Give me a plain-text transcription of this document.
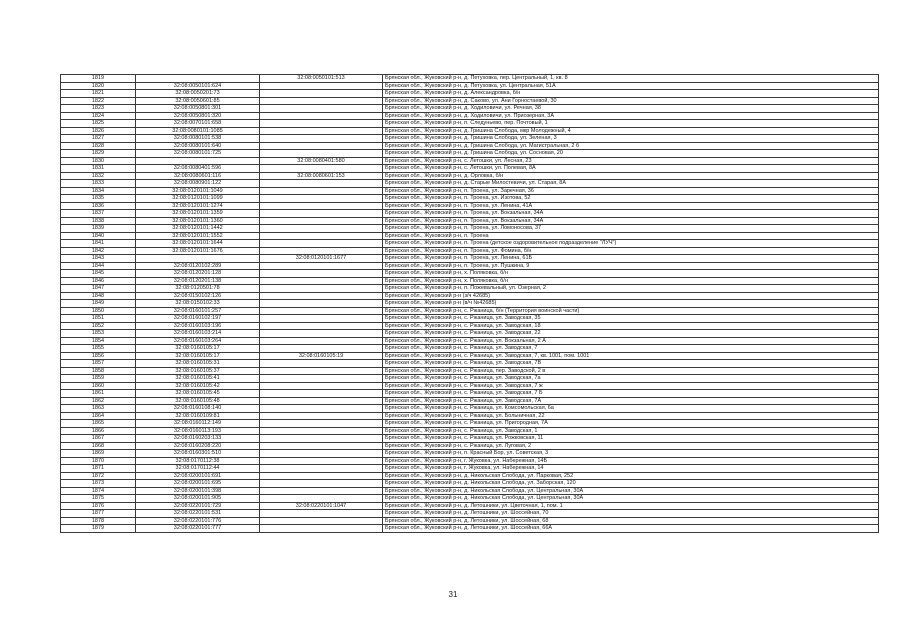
1819		32:08:0050101:513	Брянская обл., Жуковский р-н, д. Петуховка, пер. Центральный, 1, кв. 8
1820	32:08:0050101:624		Брянская обл., Жуковский р-н, д. Петуховка, ул. Центральная, 51А
1821	32:08:0050201:73		Брянская обл., Жуковский р-н, д. Александровка, б/н
1822	32:08:0050601:85		Брянская обл., Жуковский р-н, д. Саково, ул. Ани Горностаевой, 30
1823	32:08:0050801:301		Брянская обл., Жуковский р-н, д. Ходиловичи, ул. Речная, 38
1824	32:08:0050801:320		Брянская обл., Жуковский р-н, д. Ходиловичи, ул. Приозерная, 3А
1825	32:08:0070101:658		Брянская обл., Жуковский р-н, п. Следуньево, пер. Почтовый, 1
1826	32:08:0080101:1085		Брянская обл., Жуковский р-н, д. Гришина Слобода, мкр Молодежный, 4
1827	32:08:0080101:538		Брянская обл., Жуковский р-н, д. Гришина Слобода, ул. Зеленая, 3
1828	32:08:0080101:640		Брянская обл., Жуковский р-н, д. Гришина Слобода, ул. Магистральная, 2 б
1829	32:08:0080101:725		Брянская обл., Жуковский р-н, д. Гришина Слобода, ул. Сосновая, 20
1830		32:08:0080401:580	Брянская обл., Жуковский р-н, с. Летошки, ул. Лесная, 23
1831	32:08:0080401:596		Брянская обл., Жуковский р-н, с. Летошки, ул. Полевая, 8А
1832	32:08:0080601:116	32:08:0080601:153	Брянская обл., Жуковский р-н, д. Орловка, б/н
1833	32:08:0080901:122		Брянская обл., Жуковский р-н, д. Старые Милостевичи, ул. Старая, 8А
1834	32:08:0120101:1049		Брянская обл., Жуковский р-н, п. Троена, ул. Заречная, 36
1835	32:08:0120101:1099		Брянская обл., Жуковский р-н, п. Троена, ул. Изотова, 52
1836	32:08:0120101:1274		Брянская обл., Жуковский р-н, п. Троена, ул. Ленина, 41А
1837	32:08:0120101:1359		Брянская обл., Жуковский р-н, п. Троена, ул. Вокзальная, 34А
1838	32:08:0120101:1360		Брянская обл., Жуковский р-н, п. Троена, ул. Вокзальная, 34А
1839	32:08:0120101:1442		Брянская обл., Жуковский р-н, п. Троена, ул. Ломоносова, 37
1840	32:08:0120101:1552		Брянская обл., Жуковский р-н, п. Троена
1841	32:08:0120101:1644		Брянская обл., Жуковский р-н, п. Троена (детское оздоровительное подразделение "ЛУЧ")
1842	32:08:0120101:1676		Брянская обл., Жуковский р-н, п. Троена, ул. Фомина, б/н
1843		32:08:0120101:1677	Брянская обл., Жуковский р-н, п. Троена, ул. Ленина, 61Б
1844	32:08:0120102:289		Брянская обл., Жуковский р-н, п. Троена, ул. Пушкина, 9
1845	32:08:0120201:128		Брянская обл., Жуковский р-н, х. Поляковка, б/н
1846	32:08:0120201:138		Брянская обл., Жуковский р-н, х. Поляковка, б/н
1847	32:08:0120501:78		Брянская обл., Жуковский р-н, п. Пожевальный, ул. Озерная, 2
1848	32:08:0150102:126		Брянская обл., Жуковский р-н (з/ч 42685)
1849	32:08:0150102:33		Брянская обл., Жуковский р-н (в/ч №42685)
1850	32:08:0160101:257		Брянская обл., Жуковский р-н, с. Ржаница, б/н (Территория воинской части)
1851	32:08:0160102:197		Брянская обл., Жуковский р-н, с. Ржаница, ул. Заводская, 35
1852	32:08:0160103:196		Брянская обл., Жуковский р-н, с. Ржаница, ул. Заводская, 18
1853	32:08:0160103:214		Брянская обл., Жуковский р-н, с. Ржаница, ул. Заводская, 22
1854	32:08:0160103:264		Брянская обл., Жуковский р-н, с. Ржаница, ул. Вокзальная, 2 А
1855	32:08:0160105:17		Брянская обл., Жуковский р-н, с. Ржаница, ул. Заводская, 7
1856	32:08:0160105:17	32:08:0160105:19	Брянская обл., Жуковский р-н, с. Ржаница, ул. Заводская, 7, кв. 1001, пом. 1001
1857	32:08:0160105:31		Брянская обл., Жуковский р-н, с. Ржаница, ул. Заводская, 7В
1858	32:08:0160105:37		Брянская обл., Жуковский р-н, с. Ржаница, пер. Заводской, 2 в
1859	32:08:0160105:41		Брянская обл., Жуковский р-н, с. Ржаница, ул. Заводская, 7а
1860	32:08:0160105:42		Брянская обл., Жуковский р-н, с. Ржаница, ул. Заводская, 7 ж
1861	32:08:0160105:45		Брянская обл., Жуковский р-н, с. Ржаница, ул. Заводская, 7 Б
1862	32:08:0160105:48		Брянская обл., Жуковский р-н, с. Ржаница, ул. Заводская, 7А
1863	32:08:0160108:140		Брянская обл., Жуковский р-н, с. Ржаница, ул. Комсомольская, 6а
1864	32:08:0160109:81		Брянская обл., Жуковский р-н, с. Ржаница, ул. Больничная, 22
1865	32:08:0160112:149		Брянская обл., Жуковский р-н, с. Ржаница, ул. Пригородная, 7А
1866	32:08:0160113:193		Брянская обл., Жуковский р-н, с. Ржаница, ул. Заводская, 1
1867	32:08:0160203:133		Брянская обл., Жуковский р-н, с. Ржаница, ул. Рожковская, 11
1868	32:08:0160208:220		Брянская обл., Жуковский р-н, с. Ржаница, ул. Луговая, 2
1869	32:08:0160301:510		Брянская обл., Жуковский р-н, п. Красный Бор, ул. Советская, 3
1870	32:08:0170112:38		Брянская обл., Жуковский р-н, г. Жуковка, ул. Набережная, 14Б
1871	32:08:0170112:44		Брянская обл., Жуковский р-н, г. Жуковка, ул. Набережная, 14
1872	32:08:0200101:691		Брянская обл., Жуковский р-н, д. Никольская Слобода, ул. Парковая, 252
1873	32:08:0200101:695		Брянская обл., Жуковский р-н, д. Никольская Слобода, ул. Заборская, 120
1874	32:08:0200101:398		Брянская обл., Жуковский р-н, д. Никольская Слобода, ул. Центральная, 30А
1875	32:08:0200101:905		Брянская обл., Жуковский р-н, д. Никольская Слобода, ул. Центральная, 30А
1876	32:08:0220101:729	32:08:0220101:1047	Брянская обл., Жуковский р-н, д. Летошники, ул. Цветочная, 1, пом. 1
1877	32:08:0220101:531		Брянская обл., Жуковский р-н, д. Летошники, ул. Шоссейная, 70
1878	32:08:0220101:776		Брянская обл., Жуковский р-н, д. Летошники, ул. Шоссейная, 68
1879	32:08:0220101:777		Брянская обл., Жуковский р-н, д. Летошники, ул. Шоссейная, 66А
31
